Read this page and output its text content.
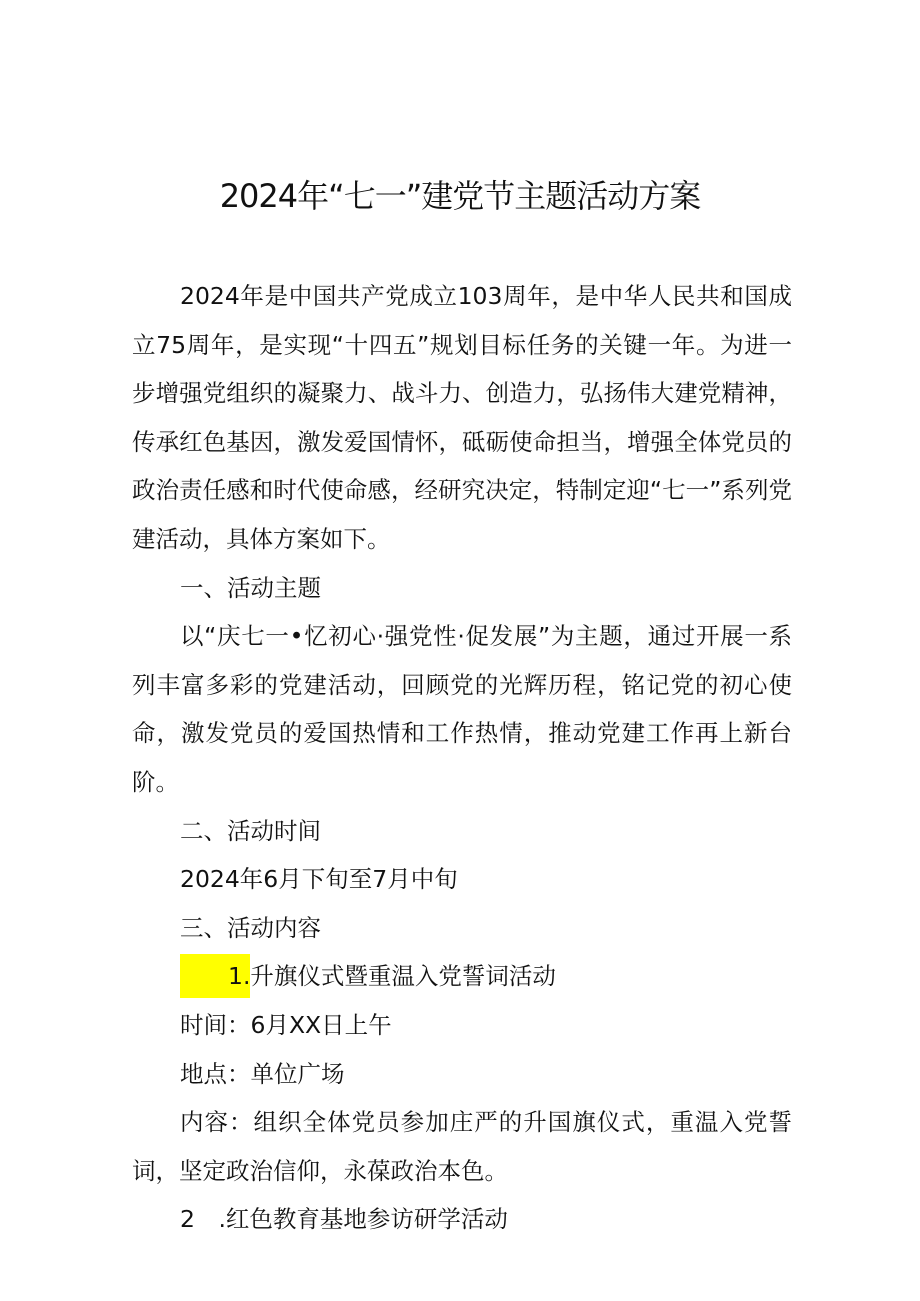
2024年“七一”建党节主题活动方案

2024年是中国共产党成立103周年，是中华人民共和国成立75周年，是实现“十四五”规划目标任务的关键一年。为进一步增强党组织的凝聚力、战斗力、创造力，弘扬伟大建党精神，传承红色基因，激发爱国情怀，砥砺使命担当，增强全体党员的政治责任感和时代使命感，经研究决定，特制定迎“七一”系列党建活动，具体方案如下。

一、活动主题

以“庆七一•忆初心·强党性·促发展”为主题，通过开展一系列丰富多彩的党建活动，回顾党的光辉历程，铭记党的初心使命，激发党员的爱国热情和工作热情，推动党建工作再上新台阶。

二、活动时间

2024年6月下旬至7月中旬

三、活动内容

1.升旗仪式暨重温入党誓词活动

时间：6月XX日上午

地点：单位广场

内容：组织全体党员参加庄严的升国旗仪式，重温入党誓词，坚定政治信仰，永葆政治本色。

2　.红色教育基地参访研学活动
